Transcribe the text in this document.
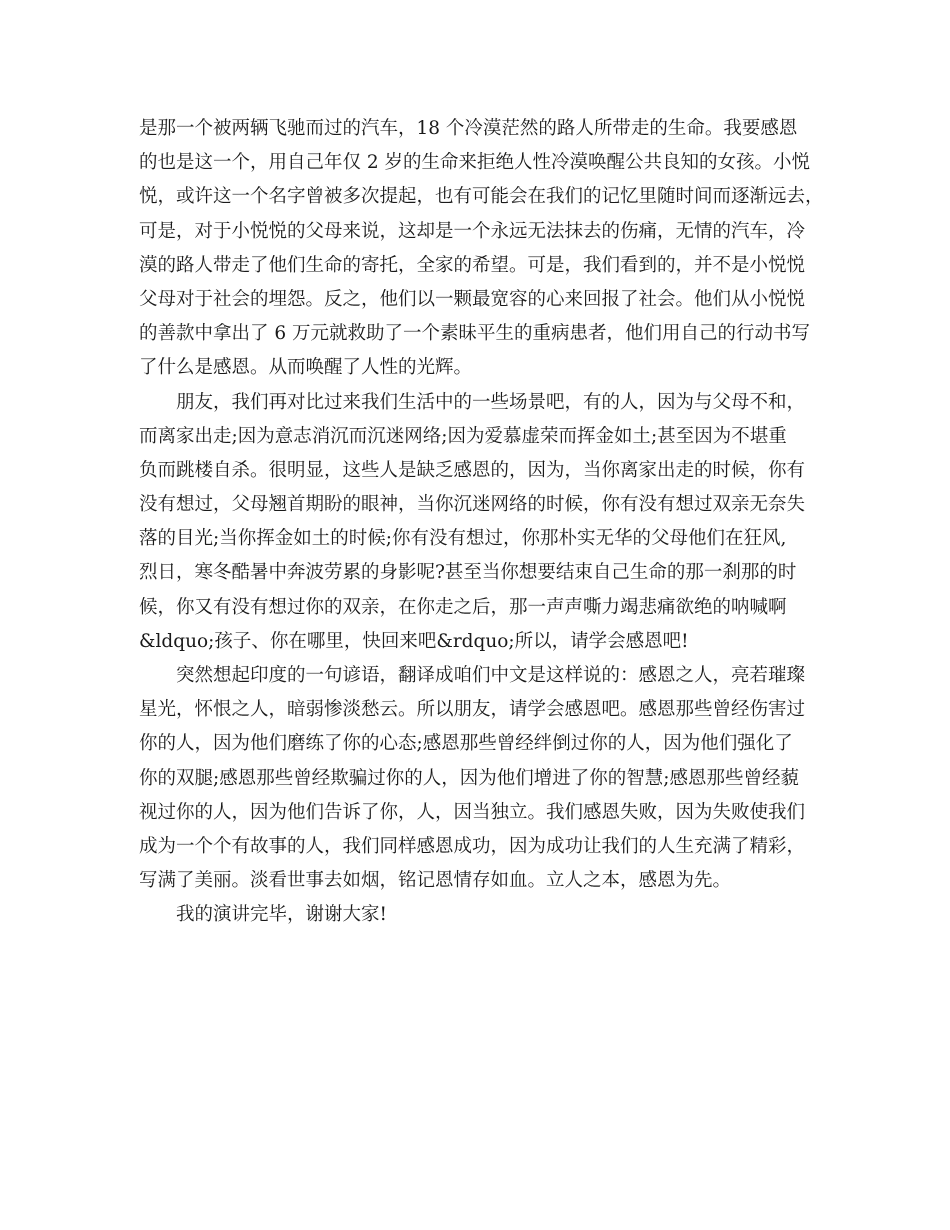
是那一个被两辆飞驰而过的汽车，18 个冷漠茫然的路人所带走的生命。我要感恩
的也是这一个，用自己年仅 2 岁的生命来拒绝人性冷漠唤醒公共良知的女孩。小悦
悦，或许这一个名字曾被多次提起，也有可能会在我们的记忆里随时间而逐渐远去，
可是，对于小悦悦的父母来说，这却是一个永远无法抹去的伤痛，无情的汽车，冷
漠的路人带走了他们生命的寄托，全家的希望。可是，我们看到的，并不是小悦悦
父母对于社会的埋怨。反之，他们以一颗最宽容的心来回报了社会。他们从小悦悦
的善款中拿出了 6 万元就救助了一个素昧平生的重病患者，他们用自己的行动书写
了什么是感恩。从而唤醒了人性的光辉。
朋友，我们再对比过来我们生活中的一些场景吧，有的人，因为与父母不和，
而离家出走;因为意志消沉而沉迷网络;因为爱慕虚荣而挥金如土;甚至因为不堪重
负而跳楼自杀。很明显，这些人是缺乏感恩的，因为，当你离家出走的时候，你有
没有想过，父母翘首期盼的眼神，当你沉迷网络的时候，你有没有想过双亲无奈失
落的目光;当你挥金如土的时候;你有没有想过，你那朴实无华的父母他们在狂风,
烈日，寒冬酷暑中奔波劳累的身影呢?甚至当你想要结束自己生命的那一刹那的时
候，你又有没有想过你的双亲，在你走之后，那一声声嘶力竭悲痛欲绝的呐喊啊
&ldquo;孩子、你在哪里，快回来吧&rdquo;所以，请学会感恩吧!
突然想起印度的一句谚语，翻译成咱们中文是这样说的：感恩之人，亮若璀璨
星光，怀恨之人，暗弱惨淡愁云。所以朋友，请学会感恩吧。感恩那些曾经伤害过
你的人，因为他们磨练了你的心态;感恩那些曾经绊倒过你的人，因为他们强化了
你的双腿;感恩那些曾经欺骗过你的人，因为他们增进了你的智慧;感恩那些曾经藐
视过你的人，因为他们告诉了你，人，因当独立。我们感恩失败，因为失败使我们
成为一个个有故事的人，我们同样感恩成功，因为成功让我们的人生充满了精彩，
写满了美丽。淡看世事去如烟，铭记恩情存如血。立人之本，感恩为先。
我的演讲完毕，谢谢大家!
